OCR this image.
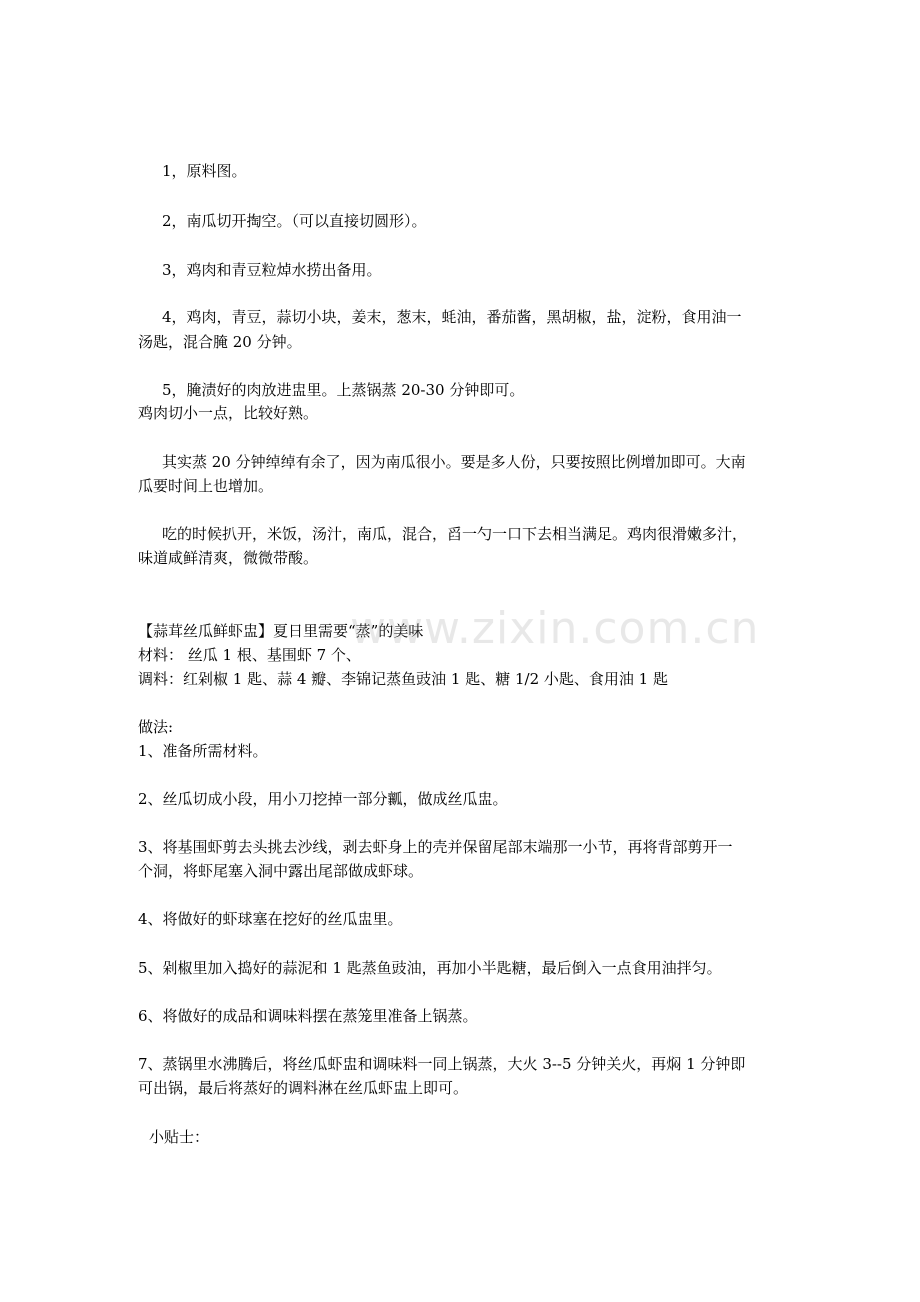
1，原料图。
2，南瓜切开掏空。（可以直接切圆形）。
3，鸡肉和青豆粒焯水捞出备用。
4，鸡肉，青豆，蒜切小块，姜末，葱末，蚝油，番茄酱，黑胡椒，盐，淀粉，食用油一
汤匙，混合腌 20 分钟。
5，腌渍好的肉放进盅里。上蒸锅蒸 20-30 分钟即可。
鸡肉切小一点，比较好熟。
其实蒸 20 分钟绰绰有余了，因为南瓜很小。要是多人份，只要按照比例增加即可。大南
瓜要时间上也增加。
吃的时候扒开，米饭，汤汁，南瓜，混合，舀一勺一口下去相当满足。鸡肉很滑嫩多汁，
味道咸鲜清爽，微微带酸。
【蒜茸丝瓜鲜虾盅】夏日里需要“蒸”的美味
材料： 丝瓜 1 根、基围虾 7 个、
调料：红剁椒 1 匙、蒜 4 瓣、李锦记蒸鱼豉油 1 匙、糖 1/2 小匙、食用油 1 匙
做法:
1、准备所需材料。
2、丝瓜切成小段，用小刀挖掉一部分瓤，做成丝瓜盅。
3、将基围虾剪去头挑去沙线，剥去虾身上的壳并保留尾部末端那一小节，再将背部剪开一
个洞，将虾尾塞入洞中露出尾部做成虾球。
4、将做好的虾球塞在挖好的丝瓜盅里。
5、剁椒里加入捣好的蒜泥和 1 匙蒸鱼豉油，再加小半匙糖，最后倒入一点食用油拌匀。
6、将做好的成品和调味料摆在蒸笼里准备上锅蒸。
7、蒸锅里水沸腾后，将丝瓜虾盅和调味料一同上锅蒸，大火 3--5 分钟关火，再焖 1 分钟即
可出锅，最后将蒸好的调料淋在丝瓜虾盅上即可。
小贴士：
www.zixin.com.cn
